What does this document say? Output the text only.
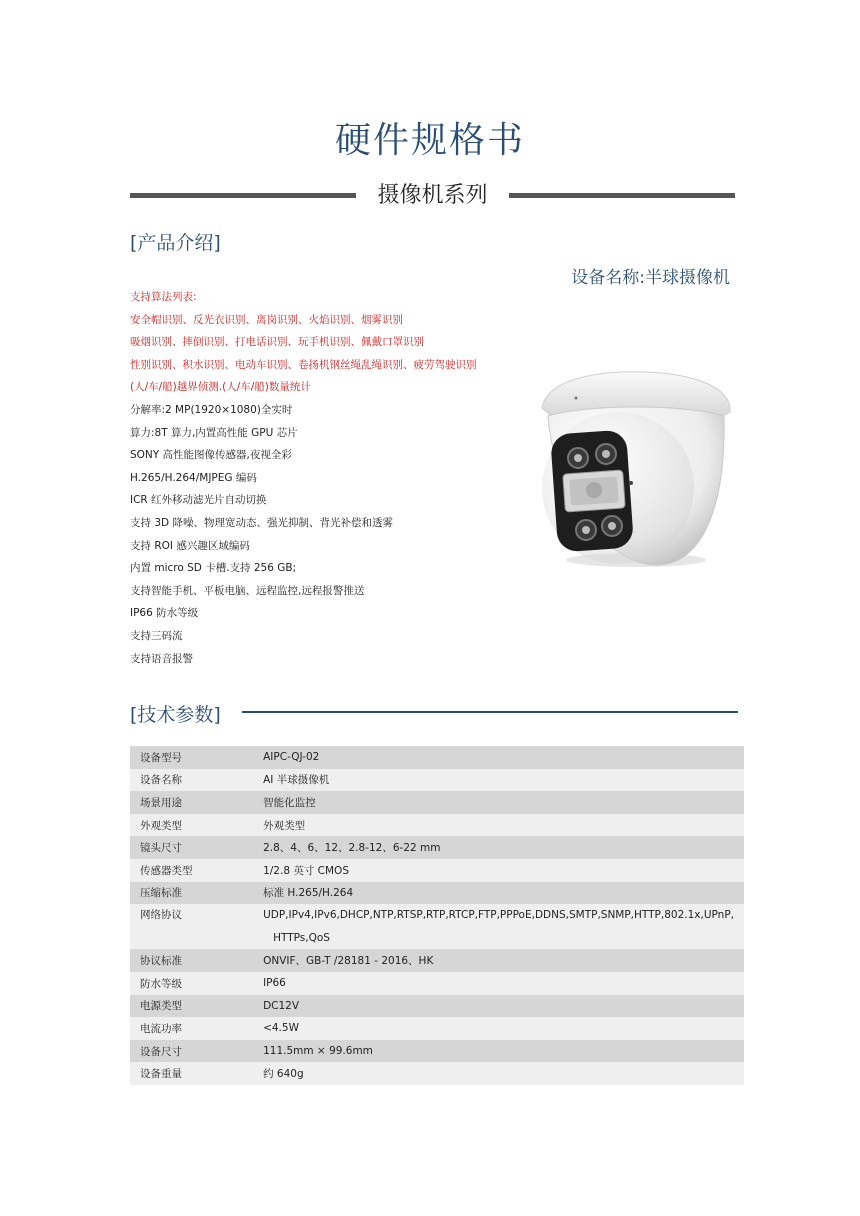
硬件规格书
摄像机系列
[产品介绍]
设备名称:半球摄像机
支持算法列表:
安全帽识别、反光衣识别、离岗识别、火焰识别、烟雾识别
吸烟识别、摔倒识别、打电话识别、玩手机识别、佩戴口罩识别
性别识别、积水识别、电动车识别、卷扬机钢丝绳乱绳识别、疲劳驾驶识别
(人/车/船)越界侦测.(人/车/船)数量统计
分解率:2 MP(1920×1080)全实时
算力:8T 算力,内置高性能 GPU 芯片
SONY 高性能图像传感器,夜视全彩
H.265/H.264/MJPEG 编码
ICR 红外移动滤光片自动切换
支持 3D 降噪、物理宽动态、强光抑制、背光补偿和透雾
支持 ROI 感兴趣区域编码
内置 micro SD 卡槽.支持 256 GB;
支持智能手机、平板电脑、远程监控,远程报警推送
IP66 防水等级
支持三码流
支持语音报警
[技术参数]
设备型号	AIPC-QJ-02
设备名称	AI 半球摄像机
场景用途	智能化监控
外观类型	外观类型
镜头尺寸	2.8、4、6、12、2.8-12、6-22 mm
传感器类型	1/2.8 英寸 CMOS
压缩标准	标准 H.265/H.264

网络协议	UDP,IPv4,IPv6,DHCP,NTP,RTSP,RTP,RTCP,FTP,PPPoE,DDNS,SMTP,SNMP,HTTP,802.1x,UPnP,
HTTPs,QoS

协议标准	ONVIF、GB-T /28181 - 2016、HK
防水等级	IP66
电源类型	DC12V
电流功率	<4.5W
设备尺寸	111.5mm × 99.6mm
设备重量	约 640g
